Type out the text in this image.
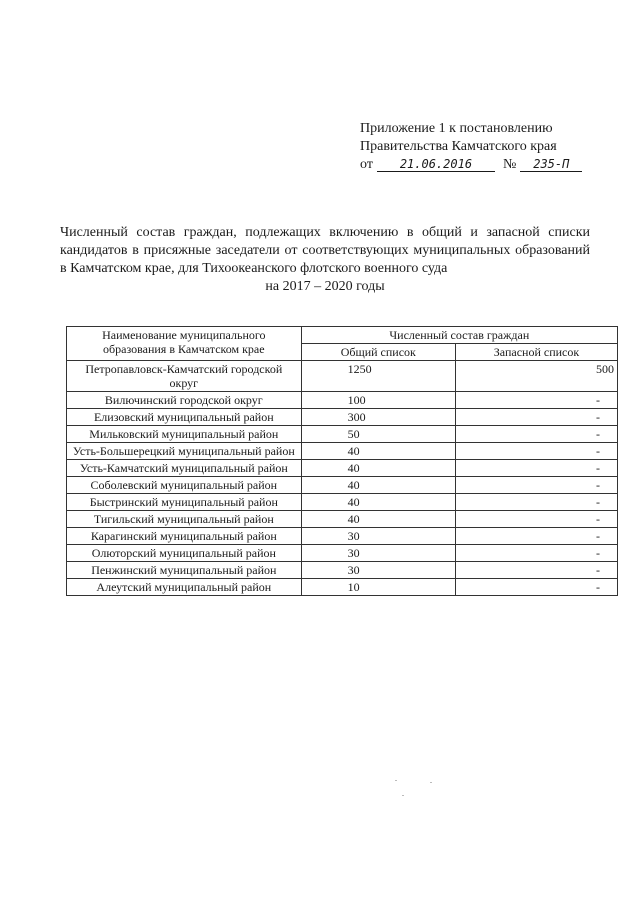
Приложение 1 к постановлению
Правительства Камчатского края
от 21.06.2016 № 235-П
Численный состав граждан, подлежащих включению в общий и запасной списки кандидатов в присяжные заседатели от соответствующих муниципальных образований в Камчатском крае, для Тихоокеанского флотского военного суда
на 2017 – 2020 годы
Наименование муниципального образования в Камчатском крае	Численный состав граждан	
	Общий список	Запасной список
Петропавловск-Камчатский городской округ	1250	500
Вилючинский городской округ	100	-
Елизовский муниципальный район	300	-
Мильковский муниципальный район	50	-
Усть-Большерецкий муниципальный район	40	-
Усть-Камчатский муниципальный район	40	-
Соболевский муниципальный район	40	-
Быстринский муниципальный район	40	-
Тигильский муниципальный район	40	-
Карагинский муниципальный район	30	-
Олюторский муниципальный район	30	-
Пенжинский муниципальный район	30	-
Алеутский муниципальный район	10	-
